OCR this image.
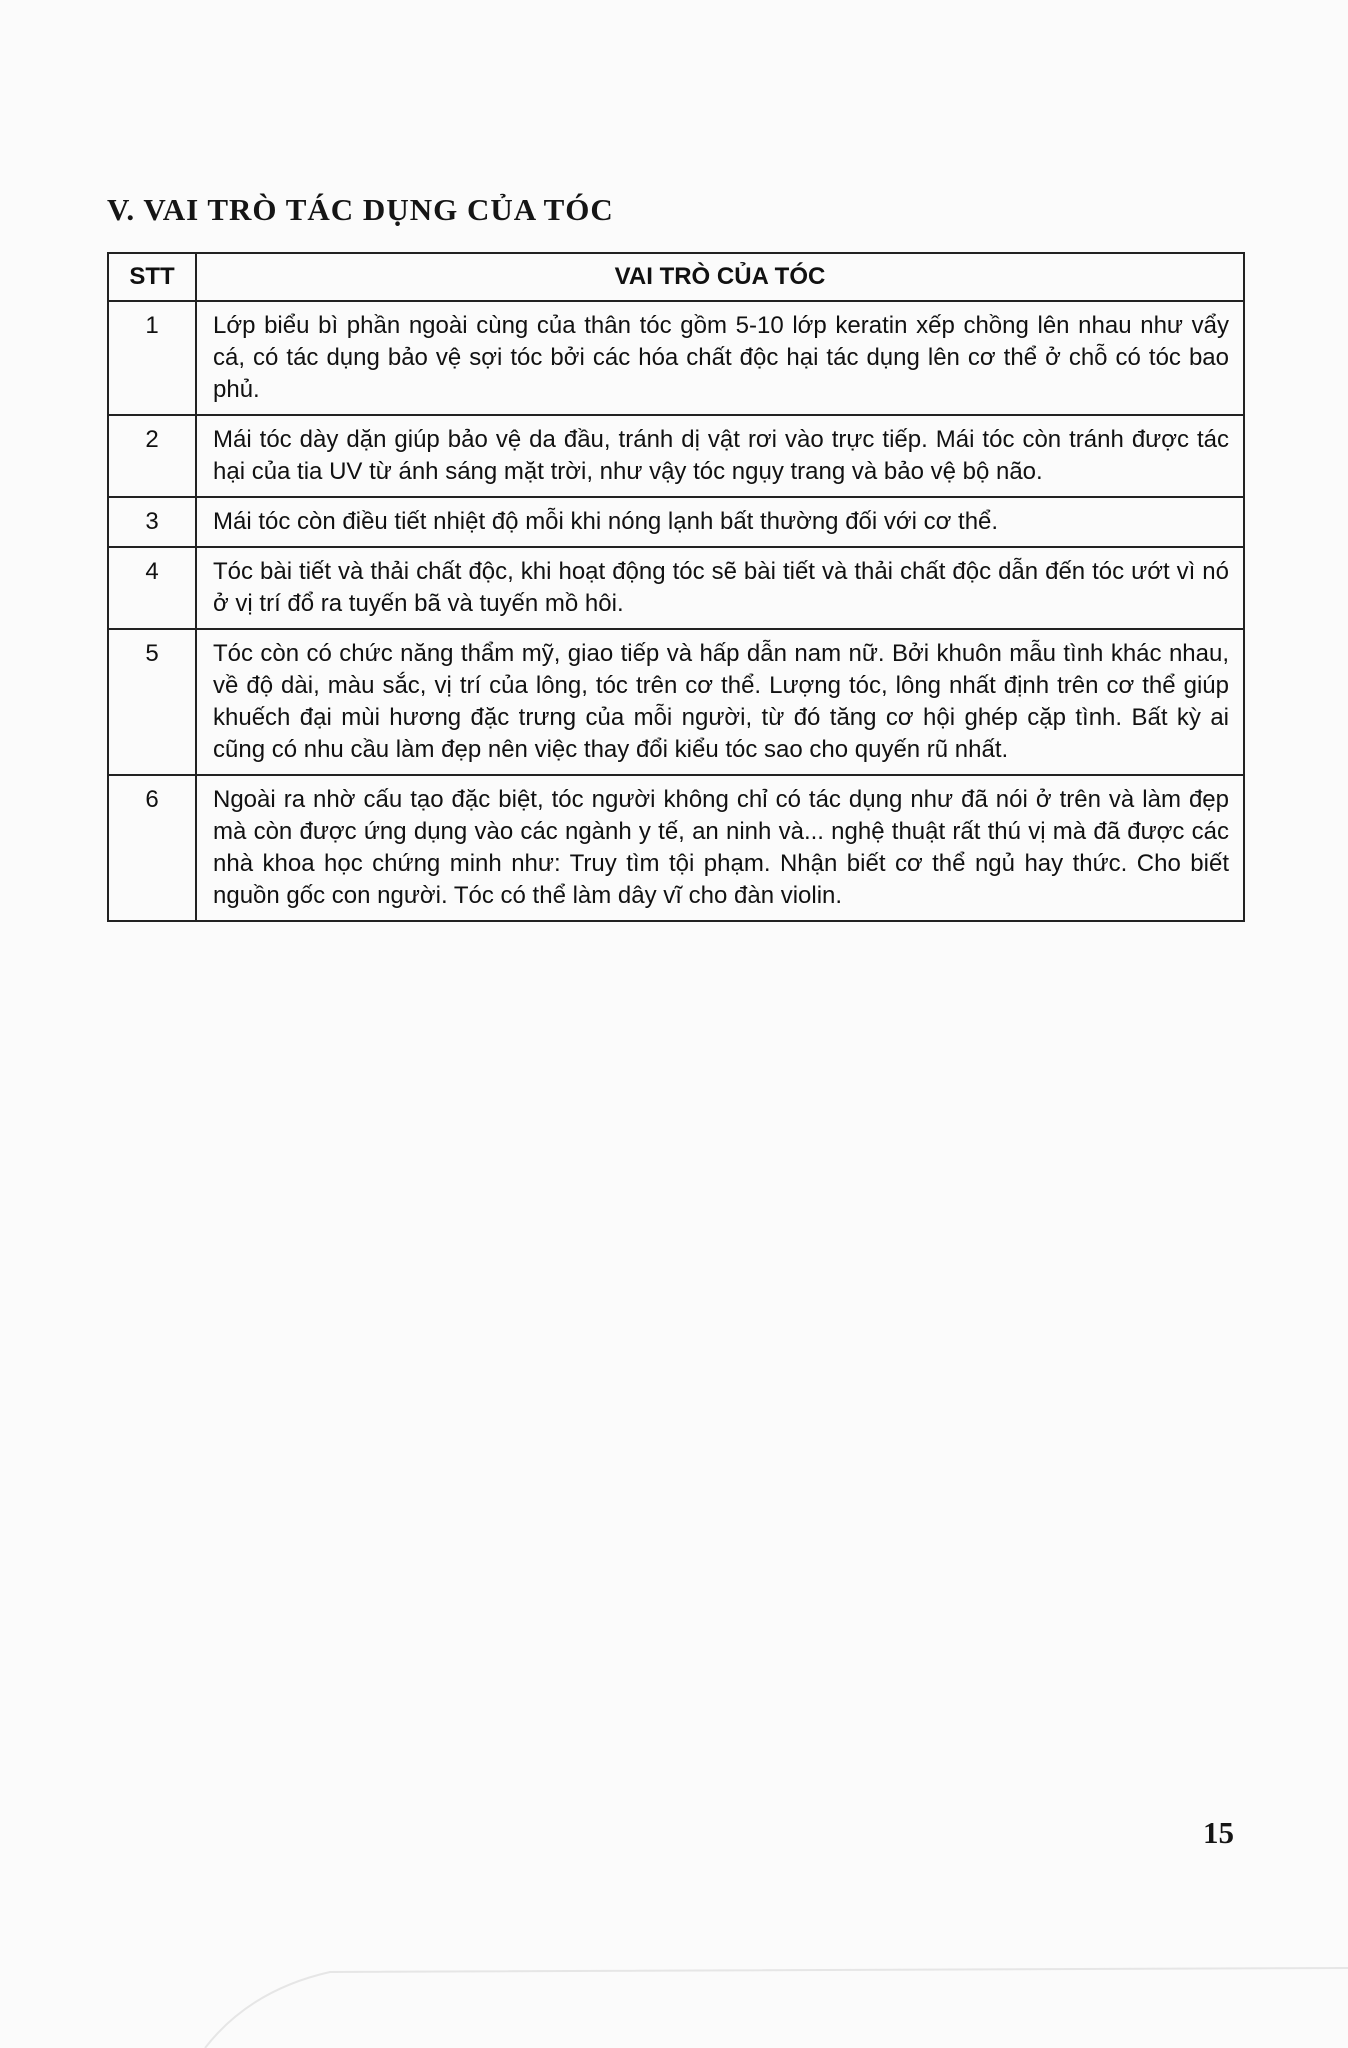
V. VAI TRÒ TÁC DỤNG CỦA TÓC
STT	VAI TRÒ CỦA TÓC
1	Lớp biểu bì phần ngoài cùng của thân tóc gồm 5-10 lớp keratin xếp chồng lên nhau như vẩy cá, có tác dụng bảo vệ sợi tóc bởi các hóa chất độc hại tác dụng lên cơ thể ở chỗ có tóc bao phủ.
2	Mái tóc dày dặn giúp bảo vệ da đầu, tránh dị vật rơi vào trực tiếp. Mái tóc còn tránh được tác hại của tia UV từ ánh sáng mặt trời, như vậy tóc ngụy trang và bảo vệ bộ não.
3	Mái tóc còn điều tiết nhiệt độ mỗi khi nóng lạnh bất thường đối với cơ thể.
4	Tóc bài tiết và thải chất độc, khi hoạt động tóc sẽ bài tiết và thải chất độc dẫn đến tóc ướt vì nó ở vị trí đổ ra tuyến bã và tuyến mồ hôi.
5	Tóc còn có chức năng thẩm mỹ, giao tiếp và hấp dẫn nam nữ. Bởi khuôn mẫu tình khác nhau, về độ dài, màu sắc, vị trí của lông, tóc trên cơ thể. Lượng tóc, lông nhất định trên cơ thể giúp khuếch đại mùi hương đặc trưng của mỗi người, từ đó tăng cơ hội ghép cặp tình. Bất kỳ ai cũng có nhu cầu làm đẹp nên việc thay đổi kiểu tóc sao cho quyến rũ nhất.
6	Ngoài ra nhờ cấu tạo đặc biệt, tóc người không chỉ có tác dụng như đã nói ở trên và làm đẹp mà còn được ứng dụng vào các ngành y tế, an ninh và... nghệ thuật rất thú vị mà đã được các nhà khoa học chứng minh như: Truy tìm tội phạm. Nhận biết cơ thể ngủ hay thức. Cho biết nguồn gốc con người. Tóc có thể làm dây vĩ cho đàn violin.
15
